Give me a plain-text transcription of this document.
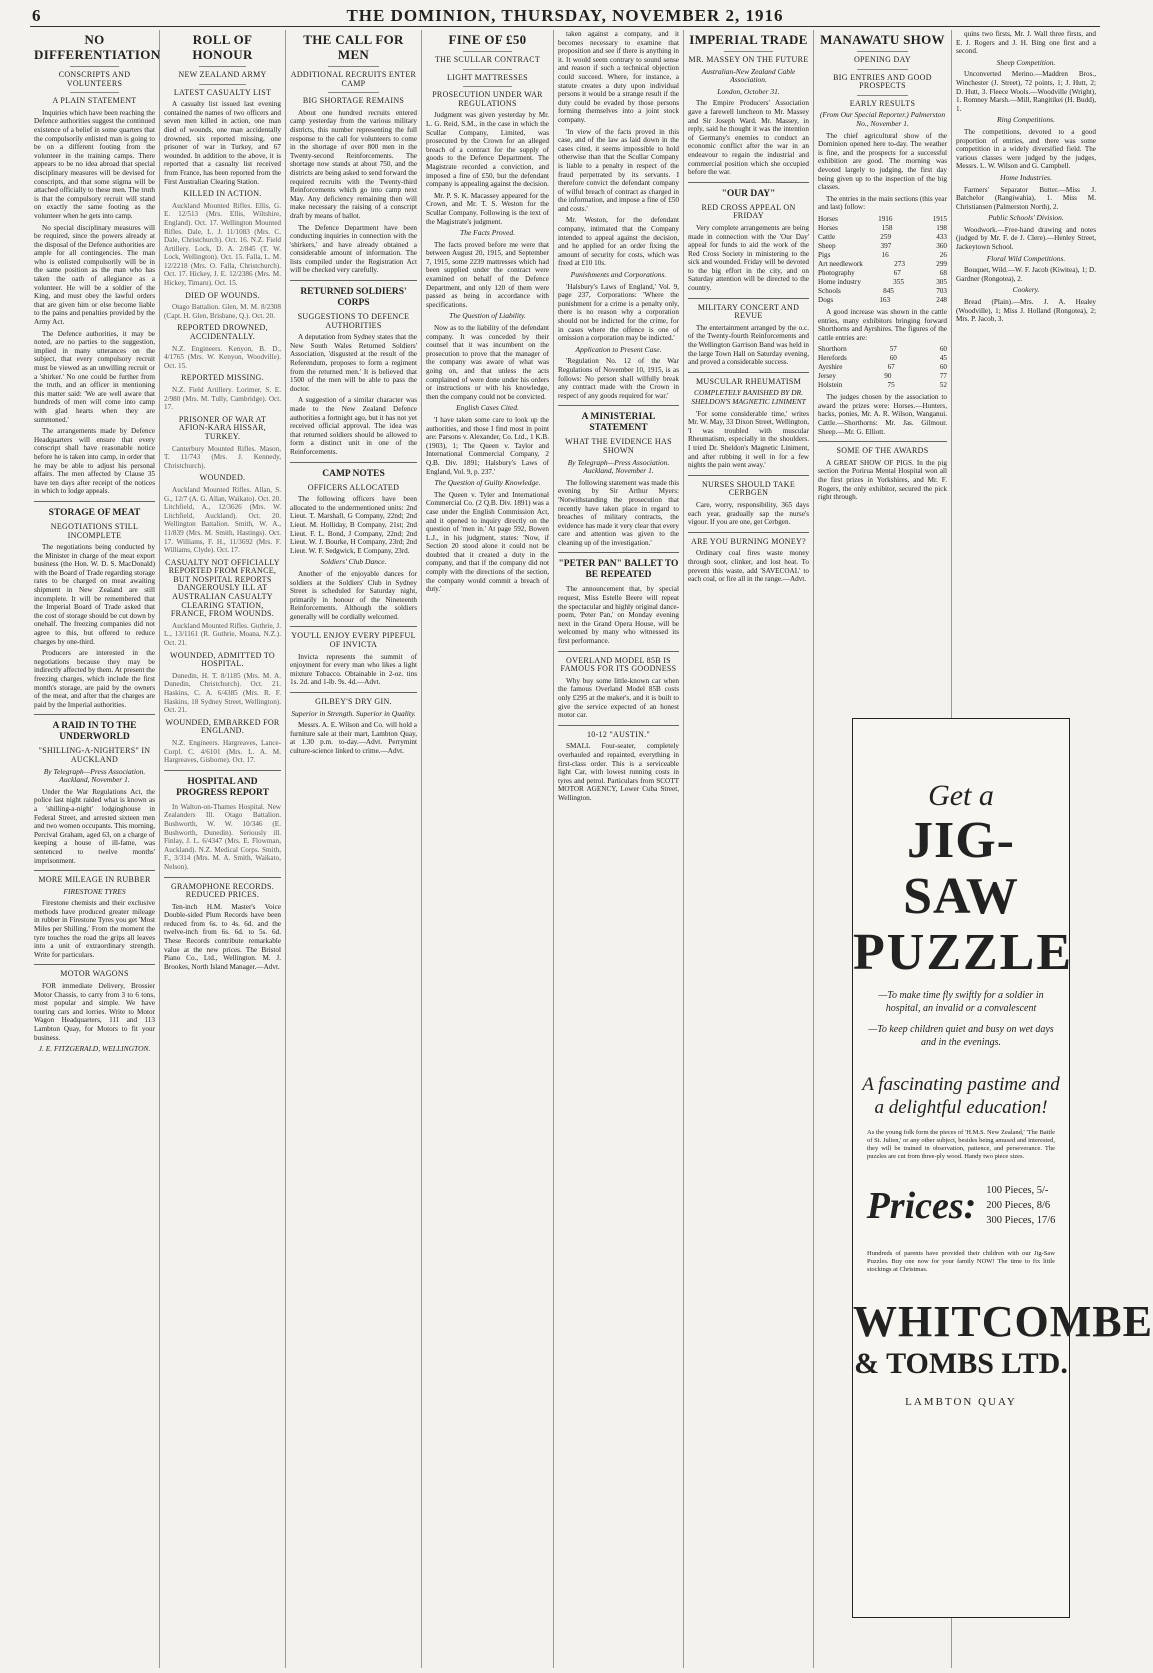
6	THE DOMINION, THURSDAY, NOVEMBER 2, 1916
NO DIFFERENTIATION
CONSCRIPTS AND VOLUNTEERS
A PLAIN STATEMENT

Inquiries which have been reaching the Defence authorities suggest the continued existence of a belief in some quarters that the compulsorily enlisted man is going to be on a different footing from the volunteer in the training camps. There appears to be no idea abroad that special disciplinary measures will be devised for conscripts, and that some stigma will be attached officially to these men. The truth is that the compulsory recruit will stand on exactly the same footing as the volunteer when he gets into camp.

No special disciplinary measures will be required, since the powers already at the disposal of the Defence authorities are ample for all contingencies. The man who is enlisted compulsorily will be in the same position as the man who has taken the oath of allegiance as a volunteer. He will be a soldier of the King, and must obey the lawful orders that are given him or else become liable to the pains and penalties provided by the Army Act.

The Defence authorities, it may be noted, are no parties to the suggestion, implied in many utterances on the subject, that every compulsory recruit must be viewed as an unwilling recruit or a 'shirker.' No one could be further from the truth, and an officer in mentioning this matter said: 'We are well aware that hundreds of men will come into camp with glad hearts when they are summoned.'

The arrangements made by Defence Headquarters will ensure that every conscript shall have reasonable notice before he is taken into camp, in order that he may be able to adjust his personal affairs. The men affected by Clause 35 have ten days after receipt of the notices in which to lodge appeals.

STORAGE OF MEAT
NEGOTIATIONS STILL INCOMPLETE

The negotiations being conducted by the Minister in charge of the meat export business (the Hon. W. D. S. MacDonald) with the Board of Trade regarding storage rates to be charged on meat awaiting shipment in New Zealand are still incomplete. It will be remembered that the Imperial Board of Trade asked that the cost of storage should be cut down by onehalf. The freezing companies did not agree to this, but offered to reduce charges by one-third.

Producers are interested in the negotiations because they may be indirectly affected by them. At present the freezing charges, which include the first month's storage, are paid by the owners of the meat, and after that the charges are paid by the Imperial authorities.

A RAID IN TO THE UNDERWORLD
"SHILLING-A-NIGHTERS" IN AUCKLAND
By Telegraph—Press Association. Auckland, November 1.

Under the War Regulations Act, the police last night raided what is known as a 'shilling-a-night' lodginghouse in Federal Street, and arrested sixteen men and two women occupants. This morning, Percival Graham, aged 63, on a charge of keeping a house of ill-fame, was sentenced to twelve months' imprisonment.

MORE MILEAGE IN RUBBER
FIRESTONE TYRES

Firestone chemists and their exclusive methods have produced greater mileage in rubber in Firestone Tyres you get 'Most Miles per Shilling.' From the moment the tyre touches the road the grips all leaves into a unit of extraordinary strength. Write for particulars.

MOTOR WAGONS

FOR immediate Delivery, Brossier Motor Chassis, to carry from 3 to 6 tons, most popular and simple. We have touring cars and lorries. Write to Motor Wagon Headquarters, 111 and 113 Lambton Quay, for Motors to fit your business.

J. E. FITZGERALD, WELLINGTON.
ROLL OF HONOUR
NEW ZEALAND ARMY
LATEST CASUALTY LIST

A casualty list issued last evening contained the names of two officers and seven men killed in action, one man died of wounds, one man accidentally drowned, six reported missing, one prisoner of war in Turkey, and 67 wounded. In addition to the above, it is reported that a casualty list received from France, has been reported from the First Australian Clearing Station.

KILLED IN ACTION.

Auckland Mounted Rifles. Ellis, G. E. 12/513 (Mrs. Ellis, Wiltshire, England). Oct. 17. Wellington Mounted Rifles. Dale, L. J. 11/1083 (Mrs. C. Dale, Christchurch). Oct. 16. N.Z. Field Artillery. Lock, D. A. 2/845 (T. W. Lock, Wellington). Oct. 15. Falla, L. M. 12/2218 (Mrs. O. Falla, Christchurch). Oct. 17. Hickey, J. E. 12/2386 (Mrs. M. Hickey, Timaru). Oct. 15.

DIED OF WOUNDS.

Otago Battalion. Glen, M. M. 8/2308 (Capt. H. Glen, Brisbane, Q.). Oct. 20.

REPORTED DROWNED, ACCIDENTALLY.

N.Z. Engineers. Kenyon, B. D., 4/1765 (Mrs. W. Kenyon, Woodville). Oct. 15.

REPORTED MISSING.

N.Z. Field Artillery. Lorimer, S. E. 2/980 (Mrs. M. Tully, Cambridge). Oct. 17.

PRISONER OF WAR AT AFION-KARA HISSAR, TURKEY.

Canterbury Mounted Rifles. Mason, T. 11/743 (Mrs. J. Kennedy, Christchurch).

WOUNDED.

Auckland Mounted Rifles. Allan, S. G., 12/7 (A. G. Allan, Waikato). Oct. 20. Litchfield, A., 12/3626 (Mrs. W. Litchfield, Auckland). Oct. 20. Wellington Battalion. Smith, W. A., 11/839 (Mrs. M. Smith, Hastings). Oct. 17. Williams, F. H., 11/3692 (Mrs. F. Williams, Clyde). Oct. 17.

CASUALTY NOT OFFICIALLY REPORTED FROM FRANCE, BUT NOSPITAL REPORTS DANGEROUSLY ILL AT AUSTRALIAN CASUALTY CLEARING STATION, FRANCE, FROM WOUNDS.

Auckland Mounted Rifles. Guthrie, J. L., 13/1161 (R. Guthrie, Moana, N.Z.). Oct. 21.

WOUNDED, ADMITTED TO HOSPITAL.

Dunedin, H. T. 8/1185 (Mrs. M. A. Dunedin, Christchurch). Oct. 21. Haskins, C. A. 6/4385 (Mrs. R. F. Haskins, 18 Sydney Street, Wellington). Oct. 21.

WOUNDED, EMBARKED FOR ENGLAND.

N.Z. Engineers. Hargreaves, Lance-Corpl. C. 4/6101 (Mrs. L. A. M. Hargreaves, Gisborne). Oct. 17.

HOSPITAL AND PROGRESS REPORT

In Walton-on-Thames Hospital. New Zealanders Ill. Otago Battalion. Bushworth, W. W. 10/346 (E. Bushworth, Dunedin). Seriously ill. Finlay, J. L. 6/4347 (Mrs. E. Flowman, Auckland). N.Z. Medical Corps. Smith, F., 3/314 (Mrs. M. A. Smith, Waikato, Nelson).

GRAMOPHONE RECORDS. REDUCED PRICES.

Ten-inch H.M. Master's Voice Double-sided Plum Records have been reduced from 6s. to 4s. 6d. and the twelve-inch from 6s. 6d. to 5s. 6d. These Records contribute remarkable value at the new prices. The Bristol Piano Co., Ltd., Wellington. M. J. Brookes, North Island Manager.—Advt.

THE CALL FOR MEN
ADDITIONAL RECRUITS ENTER CAMP
BIG SHORTAGE REMAINS

About one hundred recruits entered camp yesterday from the various military districts, this number representing the full response to the call for volunteers to come in the shortage of over 800 men in the Twenty-second Reinforcements. The shortage now stands at about 750, and the districts are being asked to send forward the required recruits with the Twenty-third Reinforcements which go into camp next May. Any deficiency remaining then will make necessary the raising of a conscript draft by means of ballot.

The Defence Department have been conducting inquiries in connection with the 'shirkers,' and have already obtained a considerable amount of information. The lists compiled under the Registration Act will be checked very carefully.

RETURNED SOLDIERS' CORPS
SUGGESTIONS TO DEFENCE AUTHORITIES

A deputation from Sydney states that the New South Wales Returned Soldiers' Association, 'disgusted at the result of the Referendum, proposes to form a regiment from the returned men.' It is believed that 1500 of the men will be able to pass the doctor.

A suggestion of a similar character was made to the New Zealand Defence authorities a fortnight ago, but it has not yet received official approval. The idea was that returned soldiers should be allowed to form a distinct unit in one of the Reinforcements.

CAMP NOTES
OFFICERS ALLOCATED

The following officers have been allocated to the undermentioned units: 2nd Lieut. T. Marshall, G Company, 22nd; 2nd Lieut. M. Holliday, B Company, 21st; 2nd Lieut. F. L. Bond, J Company, 22nd; 2nd Lieut. W. J. Bourke, H Company, 23rd; 2nd Lieut. W. F. Sedgwick, E Company, 23rd.

Soldiers' Club Dance.

Another of the enjoyable dances for soldiers at the Soldiers' Club in Sydney Street is scheduled for Saturday night, primarily in honour of the Nineteenth Reinforcements. Although the soldiers generally will be cordially welcomed.

YOU'LL ENJOY EVERY PIPEFUL OF INVICTA

Invicta represents the summit of enjoyment for every man who likes a light mixture Tobacco. Obtainable in 2-oz. tins 1s. 2d. and 1-lb. 9s. 4d.—Advt.

GILBEY'S DRY GIN.
Superior in Strength. Superior in Quality.

Messrs. A. E. Wilson and Co. will hold a furniture sale at their mart, Lambton Quay, at 1.30 p.m. to-day.—Advt. Perrymint culture-science linked to crime.—Advt.

FINE OF £50
THE SCULLAR CONTRACT
LIGHT MATTRESSES
PROSECUTION UNDER WAR REGULATIONS

Judgment was given yesterday by Mr. L. G. Reid, S.M., in the case in which the Scullar Company, Limited, was prosecuted by the Crown for an alleged breach of a contract for the supply of goods to the Defence Department. The Magistrate recorded a conviction, and imposed a fine of £50, but the defendant company is appealing against the decision.

Mr. P. S. K. Macassey appeared for the Crown, and Mr. T. S. Weston for the Scullar Company. Following is the text of the Magistrate's judgment.

The Facts Proved.

The facts proved before me were that between August 20, 1915, and September 7, 1915, some 2239 mattresses which had been supplied under the contract were examined on behalf of the Defence Department, and only 120 of them were passed as being in accordance with specifications.

The Question of Liability.

Now as to the liability of the defendant company. It was conceded by their counsel that it was incumbent on the prosecution to prove that the manager of the company was aware of what was going on, and that unless the acts complained of were done under his orders or instructions or with his knowledge, then the company could not be convicted.

English Cases Cited.

'I have taken some care to look up the authorities, and those I find most in point are: Parsons v. Alexander, Co. Ltd., 1 K.B. (1903), 1; The Queen v. Taylor and International Commercial Company, 2 Q.B. Div. 1891; Halsbury's Laws of England, Vol. 9, p. 237.'

The Question of Guilty Knowledge.

The Queen v. Tyler and International Commercial Co. (2 Q.B. Div. 1891) was a case under the English Commission Act, and it opened to inquiry directly on the question of 'men in.' At page 592, Bowen L.J., in his judgment, states: 'Now, if Section 20 stood alone it could not be doubted that it created a duty in the company, and that if the company did not comply with the directions of the section, the company would commit a breach of duty.'

taken against a company, and it becomes necessary to examine that proposition and see if there is anything in it. It would seem contrary to sound sense and reason if such a technical objection could succeed. Where, for instance, a statute creates a duty upon individual persons it would be a strange result if the duty could be evaded by those persons forming themselves into a joint stock company.

'In view of the facts proved in this case, and of the law as laid down in the cases cited, it seems impossible to hold otherwise than that the Scullar Company is liable to a penalty in respect of the fraud perpetrated by its servants. I therefore convict the defendant company of wilful breach of contract as charged in the information, and impose a fine of £50 and costs.'

Mr. Weston, for the defendant company, intimated that the Company intended to appeal against the decision, and he applied for an order fixing the amount of security for costs, which was fixed at £10 10s.

Punishments and Corporations.

'Halsbury's Laws of England,' Vol. 9, page 237, Corporations: 'Where the punishment for a crime is a penalty only, there is no reason why a corporation should not be indicted for the crime, for in cases where the offence is one of omission a corporation may be indicted.'

Application to Present Case.

'Regulation No. 12 of the War Regulations of November 10, 1915, is as follows: No person shall wilfully break any contract made with the Crown in respect of any goods required for war.'

A MINISTERIAL STATEMENT
WHAT THE EVIDENCE HAS SHOWN
By Telegraph—Press Association. Auckland, November 1.

The following statement was made this evening by Sir Arthur Myers: 'Notwithstanding the prosecution that recently have taken place in regard to breaches of military contracts, the evidence has made it very clear that every care and attention was given to the cleaning up of the investigation.'

"PETER PAN" BALLET TO BE REPEATED

The announcement that, by special request, Miss Estelle Beere will repeat the spectacular and highly original dance-poem, 'Peter Pan,' on Monday evening next in the Grand Opera House, will be welcomed by many who witnessed its first performance.

OVERLAND MODEL 85B IS FAMOUS FOR ITS GOODNESS

Why buy some little-known car when the famous Overland Model 85B costs only £295 at the maker's, and it is built to give the service expected of an honest motor car.

10-12 "AUSTIN."

SMALL Four-seater, completely overhauled and repainted, everything in first-class order. This is a serviceable light Car, with lowest running costs in tyres and petrol. Particulars from SCOTT MOTOR AGENCY, Lower Cuba Street, Wellington.

IMPERIAL TRADE
MR. MASSEY ON THE FUTURE
Australian-New Zealand Cable Association.
London, October 31.

The Empire Producers' Association gave a farewell luncheon to Mr. Massey and Sir Joseph Ward. Mr. Massey, in reply, said he thought it was the intention of Germany's enemies to conduct an economic conflict after the war in an endeavour to regain the industrial and commercial position which she occupied before the war.

"OUR DAY"
RED CROSS APPEAL ON FRIDAY

Very complete arrangements are being made in connection with the 'Our Day' appeal for funds to aid the work of the Red Cross Society in ministering to the sick and wounded. Friday will be devoted to the big effort in the city, and on Saturday attention will be directed to the country.

MILITARY CONCERT AND REVUE

The entertainment arranged by the o.c. of the Twenty-fourth Reinforcements and the Wellington Garrison Band was held in the large Town Hall on Saturday evening, and proved a considerable success.

MUSCULAR RHEUMATISM
COMPLETELY BANISHED BY DR. SHELDON'S MAGNETIC LINIMENT

'For some considerable time,' writes Mr. W. May, 33 Dixon Street, Wellington, 'I was troubled with muscular Rheumatism, especially in the shoulders. I tried Dr. Sheldon's Magnetic Liniment, and after rubbing it well in for a few nights the pain went away.'

NURSES SHOULD TAKE CERBGEN

Care, worry, responsibility, 365 days each year, gradually sap the nurse's vigour. If you are one, get Cerbgen.

ARE YOU BURNING MONEY?

Ordinary coal fires waste money through soot, clinker, and lost heat. To prevent this waste, add 'SAVECOAL' to each coal, or fire all in the range.—Advt.

MANAWATU SHOW
OPENING DAY
BIG ENTRIES AND GOOD PROSPECTS
EARLY RESULTS
(From Our Special Reporter.) Palmerston No., November 1.

The chief agricultural show of the Dominion opened here to-day. The weather is fine, and the prospects for a successful exhibition are good. The morning was devoted largely to judging, the first day being given up to the inspection of the big classes.

The entries in the main sections (this year and last) follow:

Horses	1916	1915
Horses	158	198
Cattle	259	433
Sheep	397	360
Pigs	16	26
Art needlework	273	299
Photography	67	68
Home industry	355	305
Schools	845	703
Dogs	163	248

A good increase was shown in the cattle entries, many exhibitors bringing forward Shorthorns and Ayrshires. The figures of the cattle entries are:

Shorthorn	57	60
Herefords	60	45
Ayrshire	67	60
Jersey	90	77
Holstein	75	52

The judges chosen by the association to award the prizes were: Horses.—Hunters, hacks, ponies, Mr. A. R. Wilson, Wanganui. Cattle.—Shorthorns: Mr. Jas. Gilmour. Sheep.—Mr. G. Elliott.

SOME OF THE AWARDS

A GREAT SHOW OF PIGS. In the pig section the Porirua Mental Hospital won all the first prizes in Yorkshires, and Mr. F. Rogers, the only exhibitor, secured the pick right through.

quins two firsts, Mr. J. Wall three firsts, and E. J. Rogers and J. H. Bing one first and a second.

Sheep Competition.

Unconverted Merino.—Maddren Bros., Winchester (J. Street), 72 points, 1; J. Hutt, 2; D. Hutt, 3. Fleece Wools.—Woodville (Wright), 1. Romney Marsh.—Mill, Rangitikei (H. Budd), 1.

Ring Competitions.

The competitions, devoted to a good proportion of entries, and there was some competition in a widely diversified field. The various classes were judged by the judges, Messrs. L. W. Wilson and G. Campbell.

Home Industries.

Farmers' Separator Butter.—Miss J. Batchelor (Rangiwahia), 1. Miss M. Christiansen (Palmerston North), 2.

Public Schools' Division.

Woodwork.—Free-hand drawing and notes (judged by Mr. F. de J. Clere).—Henley Street, Jackeytown School.

Floral Wild Competitions.

Bouquet, Wild.—W. F. Jacob (Kiwitea), 1; D. Gardner (Rongotea), 2.

Cookery.

Bread (Plain).—Mrs. J. A. Healey (Woodville), 1; Miss J. Holland (Rongotea), 2; Mrs. P. Jacob, 3.

Get a
JIG-SAW
PUZZLE
—To make time fly swiftly for a soldier in hospital, an invalid or a convalescent
—To keep children quiet and busy on wet days and in the evenings.
A fascinating pastime and a delightful education!
As the young folk form the pieces of 'H.M.S. New Zealand,' 'The Battle of St. Julien,' or any other subject, besides being amused and interested, they will be trained in observation, patience, and perseverance. The puzzles are cut from three-ply wood. Handy two piece sizes.
Prices: 100 Pieces, 5/-
200 Pieces, 8/6
300 Pieces, 17/6
Hundreds of parents have provided their children with our Jig-Saw Puzzles. Buy one now for your family NOW! The time to fix little stockings at Christmas.
WHITCOMBE
& TOMBS LTD.
LAMBTON QUAY
